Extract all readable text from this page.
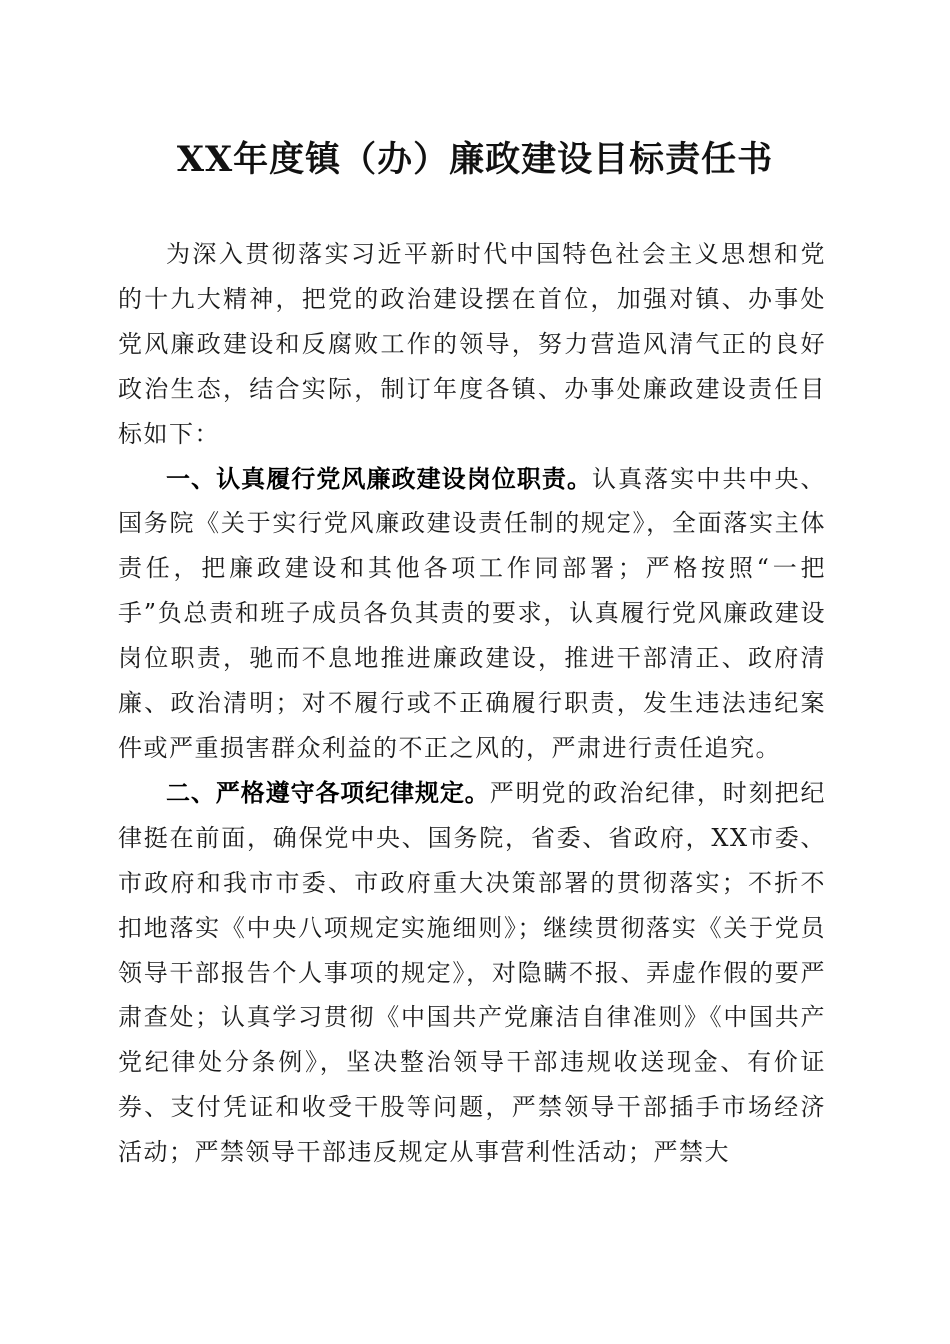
XX年度镇（办）廉政建设目标责任书

为深入贯彻落实习近平新时代中国特色社会主义思想和党的十九大精神，把党的政治建设摆在首位，加强对镇、办事处党风廉政建设和反腐败工作的领导，努力营造风清气正的良好政治生态，结合实际，制订年度各镇、办事处廉政建设责任目标如下：

一、认真履行党风廉政建设岗位职责。认真落实中共中央、国务院《关于实行党风廉政建设责任制的规定》，全面落实主体责任，把廉政建设和其他各项工作同部署；严格按照“一把手”负总责和班子成员各负其责的要求，认真履行党风廉政建设岗位职责，驰而不息地推进廉政建设，推进干部清正、政府清廉、政治清明；对不履行或不正确履行职责，发生违法违纪案件或严重损害群众利益的不正之风的，严肃进行责任追究。

二、严格遵守各项纪律规定。严明党的政治纪律，时刻把纪律挺在前面，确保党中央、国务院，省委、省政府，XX市委、市政府和我市市委、市政府重大决策部署的贯彻落实；不折不扣地落实《中央八项规定实施细则》；继续贯彻落实《关于党员领导干部报告个人事项的规定》，对隐瞒不报、弄虚作假的要严肃查处；认真学习贯彻《中国共产党廉洁自律准则》《中国共产党纪律处分条例》，坚决整治领导干部违规收送现金、有价证券、支付凭证和收受干股等问题，严禁领导干部插手市场经济活动；严禁领导干部违反规定从事营利性活动；严禁大
